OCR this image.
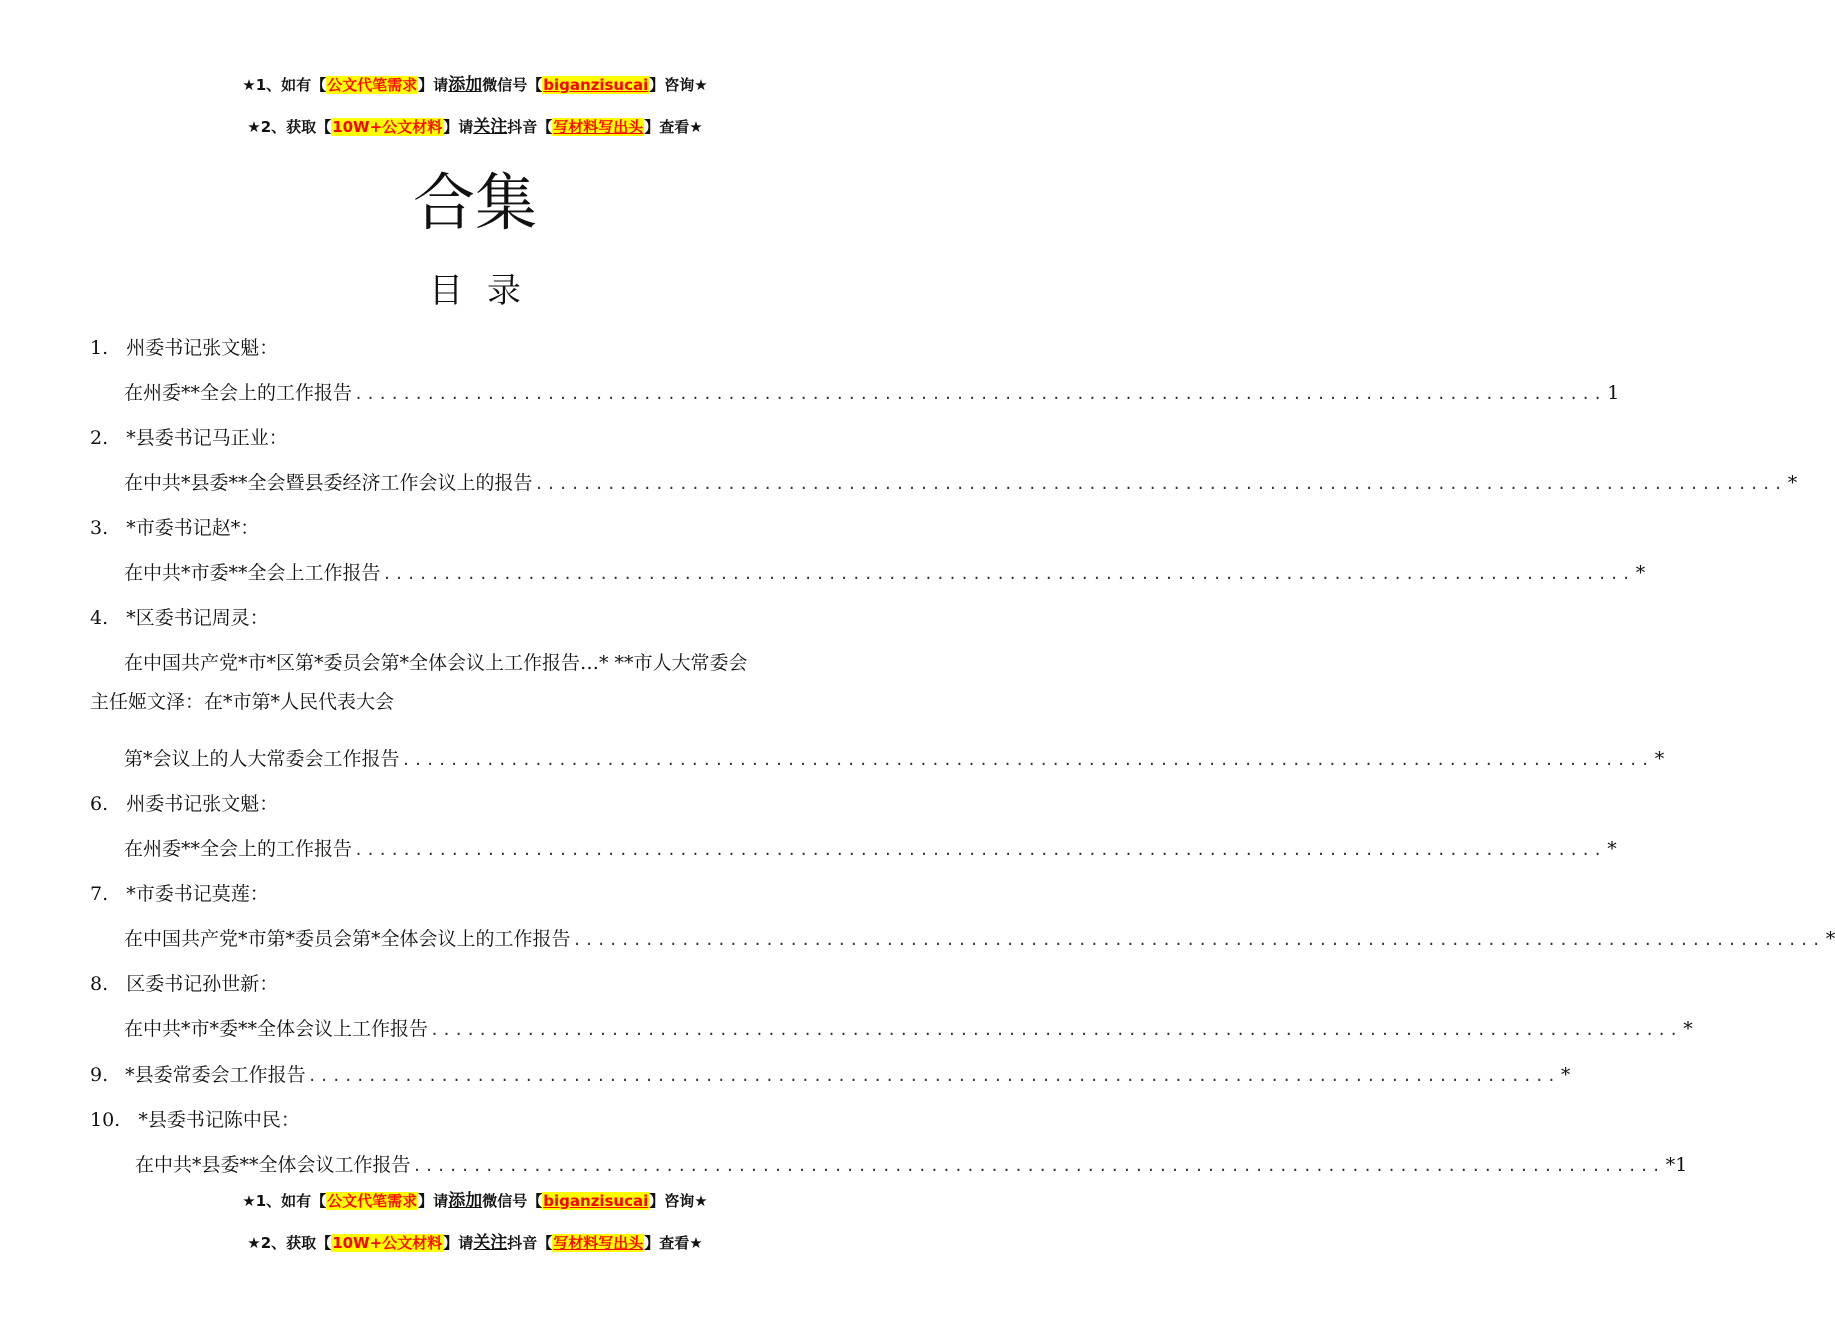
★1、如有【公文代笔需求】请添加微信号【biganzisucai】咨询★
★2、获取【10W+公文材料】请关注抖音【写材料写出头】查看★
合集
目录
1.
州委书记张文魁：
在州委**全会上的工作报告 ........................................................................................................ 1
2.
*县委书记马正业：
在中共*县委**全会暨县委经济工作会议上的报告 ........................................................................................................ *
3.
*市委书记赵*：
在中共*市委**全会上工作报告 ........................................................................................................ *
4.
*区委书记周灵：
在中国共产党*市*区第*委员会第*全体会议上工作报告…* **市人大常委会
主任姬文泽：在*市第*人民代表大会
第*会议上的人大常委会工作报告 ........................................................................................................ *
6.
州委书记张文魁：
在州委**全会上的工作报告 ........................................................................................................ *
7.
*市委书记莫莲：
在中国共产党*市第*委员会第*全体会议上的工作报告 ........................................................................................................ *
8.
区委书记孙世新：
在中共*市*委**全体会议上工作报告 ........................................................................................................ *
9. *县委常委会工作报告 ........................................................................................................ *
10.
*县委书记陈中民：
在中共*县委**全体会议工作报告 ........................................................................................................ *1
★1、如有【公文代笔需求】请添加微信号【biganzisucai】咨询★
★2、获取【10W+公文材料】请关注抖音【写材料写出头】查看★
